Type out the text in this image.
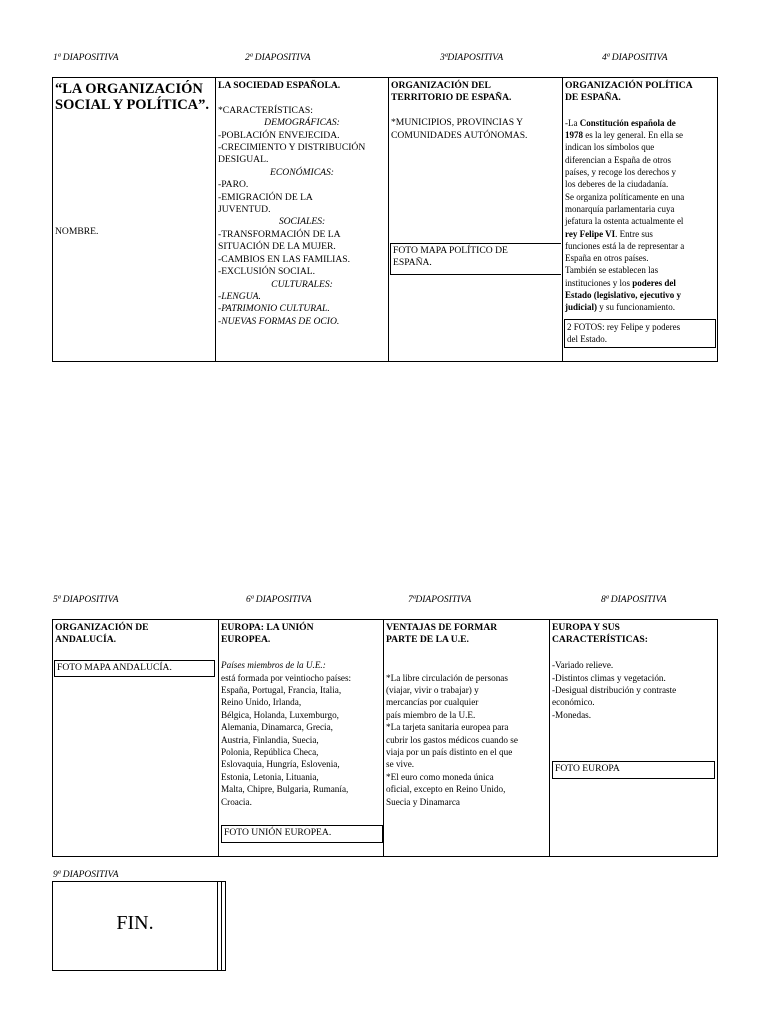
1ª DIAPOSITIVA	2ª DIAPOSITIVA	3ªDIAPOSITIVA	4ª DIAPOSITIVA
“LA ORGANIZACIÓN
SOCIAL Y POLÍTICA”.
NOMBRE.
LA SOCIEDAD ESPAÑOLA.

*CARACTERÍSTICAS:
DEMOGRÁFICAS:
-POBLACIÓN ENVEJECIDA.
-CRECIMIENTO Y DISTRIBUCIÓN
DESIGUAL.
ECONÓMICAS:
-PARO.
-EMIGRACIÓN DE LA
JUVENTUD.
SOCIALES:
-TRANSFORMACIÓN DE LA
SITUACIÓN DE LA MUJER.
-CAMBIOS EN LAS FAMILIAS.
-EXCLUSIÓN SOCIAL.
CULTURALES:
-LENGUA.
-PATRIMONIO CULTURAL.
-NUEVAS FORMAS DE OCIO.
ORGANIZACIÓN DEL
TERRITORIO DE ESPAÑA.

*MUNICIPIOS, PROVINCIAS Y
COMUNIDADES AUTÓNOMAS.
FOTO MAPA POLÍTICO DE
ESPAÑA.
ORGANIZACIÓN POLÍTICA
DE ESPAÑA.

-La Constitución española de
1978 es la ley general. En ella se
indican los símbolos que
diferencian a España de otros
países, y recoge los derechos y
los deberes de la ciudadanía.
Se organiza políticamente en una
monarquía parlamentaria cuya
jefatura la ostenta actualmente el
rey Felipe VI. Entre sus
funciones está la de representar a
España en otros países.
También se establecen las
instituciones y los poderes del
Estado (legislativo, ejecutivo y
judicial) y su funcionamiento.
2 FOTOS: rey Felipe y poderes
del Estado.
5ª DIAPOSITIVA	6ª DIAPOSITIVA	7ªDIAPOSITIVA	8ª DIAPOSITIVA
ORGANIZACIÓN DE
ANDALUCÍA.
FOTO MAPA ANDALUCÍA.
EUROPA: LA UNIÓN
EUROPEA.

Países miembros de la U.E.:
está formada por veintiocho países:
España, Portugal, Francia, Italia,
Reino Unido, Irlanda,
Bélgica, Holanda, Luxemburgo,
Alemania, Dinamarca, Grecia,
Austria, Finlandia, Suecia,
Polonia, República Checa,
Eslovaquia, Hungría, Eslovenia,
Estonia, Letonia, Lituania,
Malta, Chipre, Bulgaria, Rumanía,
Croacia.
FOTO UNIÓN EUROPEA.
VENTAJAS DE FORMAR
PARTE DE LA U.E.

*La libre circulación de personas
(viajar, vivir o trabajar) y
mercancías por cualquier
país miembro de la U.E.
*La tarjeta sanitaria europea para
cubrir los gastos médicos cuando se
viaja por un país distinto en el que
se vive.
*El euro como moneda única
oficial, excepto en Reino Unido,
Suecia y Dinamarca
EUROPA Y SUS
CARACTERÍSTICAS:

-Variado relieve.
-Distintos climas y vegetación.
-Desigual distribución y contraste
económico.
-Monedas.
FOTO EUROPA
9ª DIAPOSITIVA
FIN.
